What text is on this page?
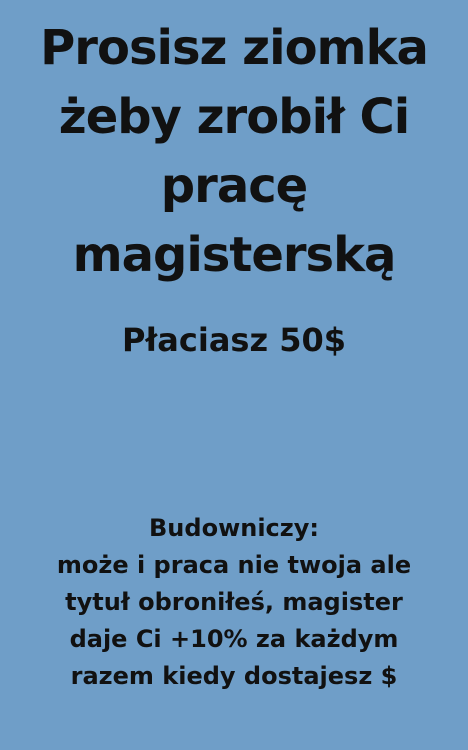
Prosisz ziomka
żeby zrobił Ci
pracę
magisterską
Płaciasz 50$
Budowniczy:
może i praca nie twoja ale
tytuł obroniłeś, magister
daje Ci +10% za każdym
razem kiedy dostajesz $
